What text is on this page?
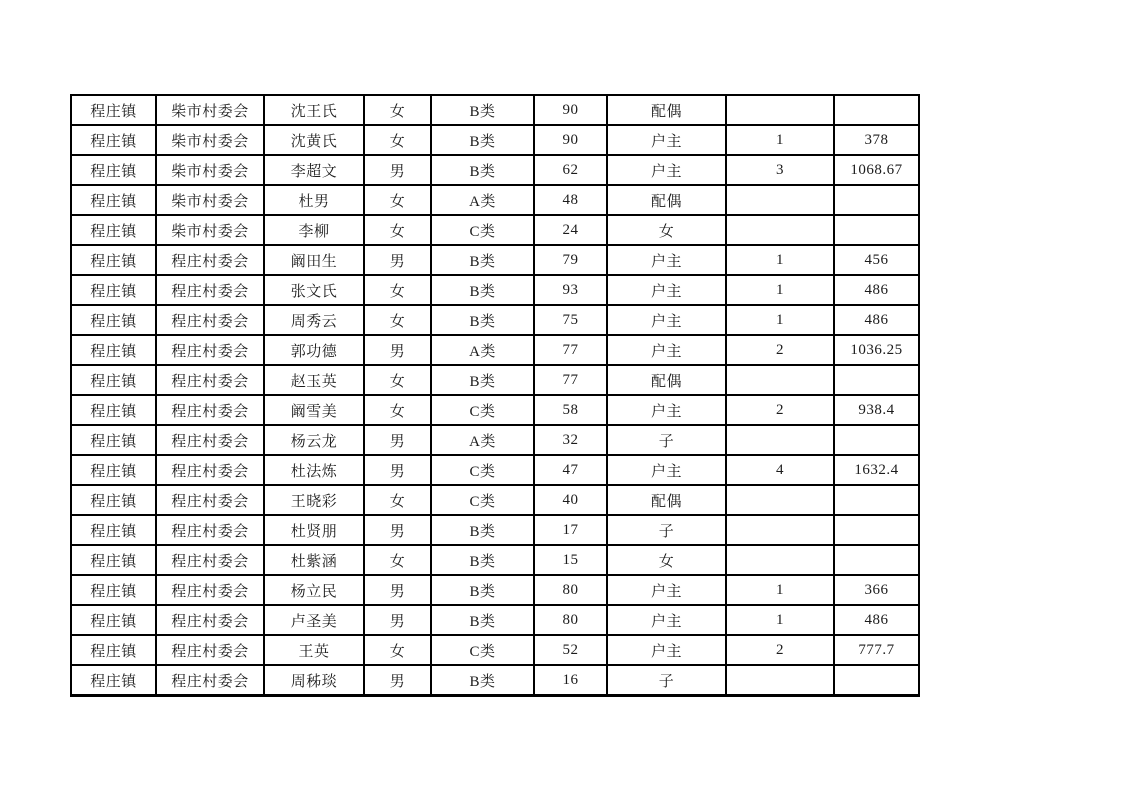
程庄镇	柴市村委会	沈王氏	女	B类	90	配偶		
程庄镇	柴市村委会	沈黄氏	女	B类	90	户主	1	378
程庄镇	柴市村委会	李超文	男	B类	62	户主	3	1068.67
程庄镇	柴市村委会	杜男	女	A类	48	配偶		
程庄镇	柴市村委会	李柳	女	C类	24	女		
程庄镇	程庄村委会	阚田生	男	B类	79	户主	1	456
程庄镇	程庄村委会	张文氏	女	B类	93	户主	1	486
程庄镇	程庄村委会	周秀云	女	B类	75	户主	1	486
程庄镇	程庄村委会	郭功德	男	A类	77	户主	2	1036.25
程庄镇	程庄村委会	赵玉英	女	B类	77	配偶		
程庄镇	程庄村委会	阚雪美	女	C类	58	户主	2	938.4
程庄镇	程庄村委会	杨云龙	男	A类	32	子		
程庄镇	程庄村委会	杜法炼	男	C类	47	户主	4	1632.4
程庄镇	程庄村委会	王晓彩	女	C类	40	配偶		
程庄镇	程庄村委会	杜贤朋	男	B类	17	子		
程庄镇	程庄村委会	杜紫涵	女	B类	15	女		
程庄镇	程庄村委会	杨立民	男	B类	80	户主	1	366
程庄镇	程庄村委会	卢圣美	男	B类	80	户主	1	486
程庄镇	程庄村委会	王英	女	C类	52	户主	2	777.7
程庄镇	程庄村委会	周秭琰	男	B类	16	子		
